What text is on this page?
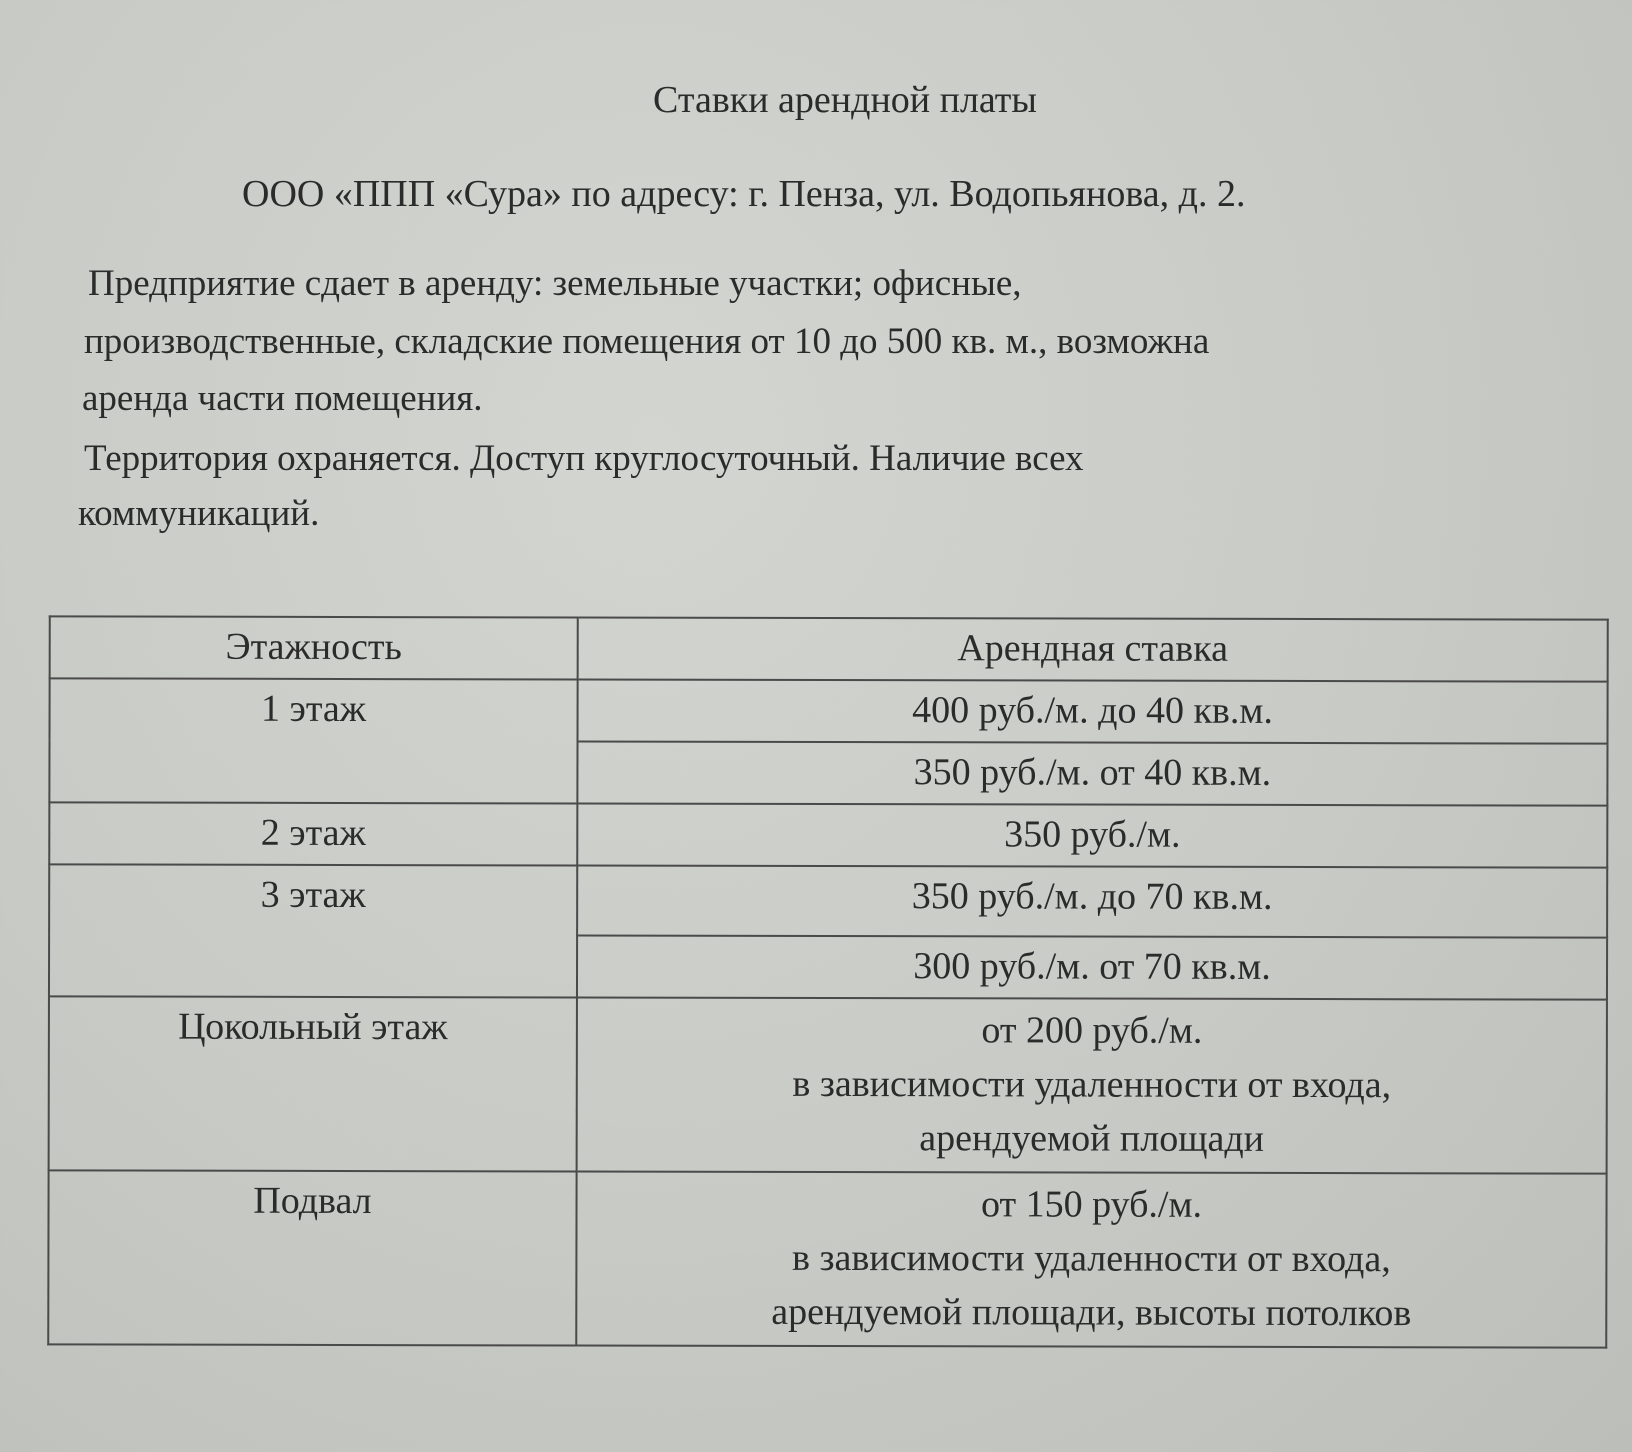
Ставки арендной платы
ООО «ППП «Сура» по адресу: г. Пенза, ул. Водопьянова, д. 2.
Предприятие сдает в аренду: земельные участки; офисные,
производственные, складские помещения от 10 до 500 кв. м., возможна
аренда части помещения.
Территория охраняется. Доступ круглосуточный. Наличие всех
коммуникаций.
Этажность	Арендная ставка
1 этаж	400 руб./м. до 40 кв.м.
	350 руб./м. от 40 кв.м.
2 этаж	350 руб./м.
3 этаж	350 руб./м. до 70 кв.м.
	300 руб./м. от 70 кв.м.
Цокольный этаж	от 200 руб./м.
в зависимости удаленности от входа,
арендуемой площади

Подвал	от 150 руб./м.
в зависимости удаленности от входа,
арендуемой площади, высоты потолков
